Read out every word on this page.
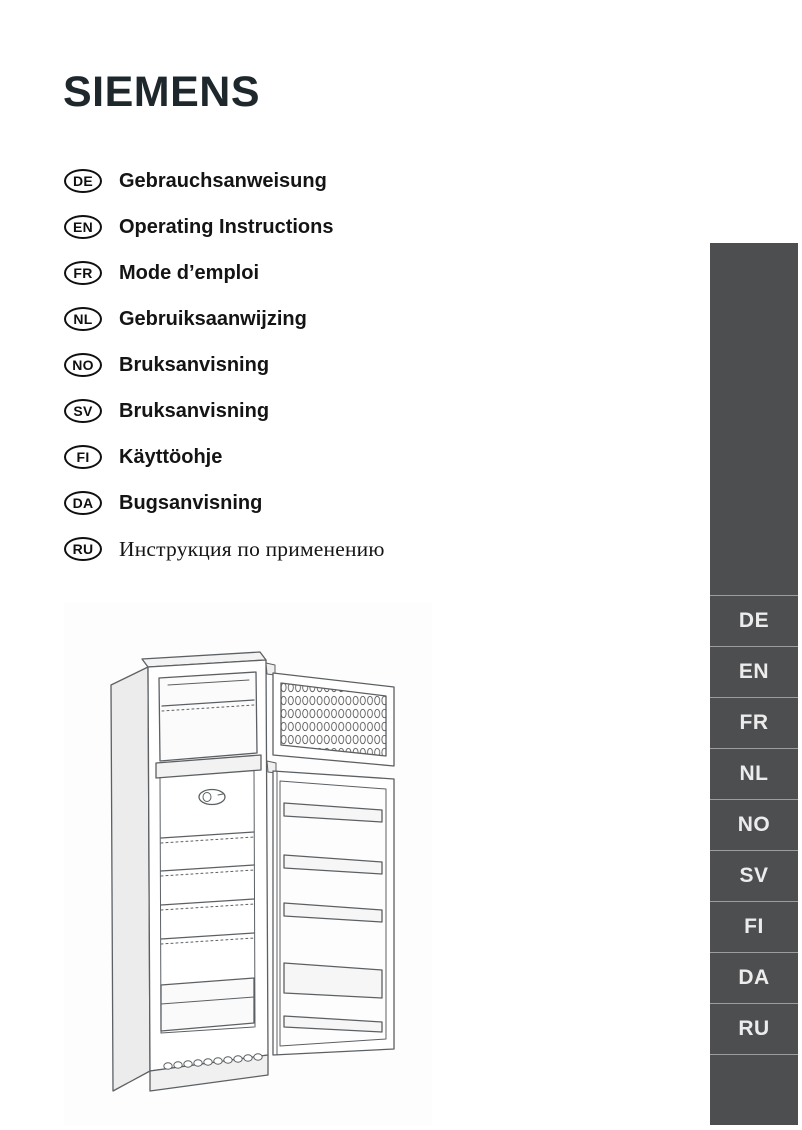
SIEMENS
DE	Gebrauchsanweisung
EN	Operating Instructions
FR	Mode d’emploi
NL	Gebruiksaanwijzing
NO	Bruksanvisning
SV	Bruksanvisning
FI	Käyttöohje
DA	Bugsanvisning
RU	Инструкция по применению
DE
EN
FR
NL
NO
SV
FI
DA
RU
